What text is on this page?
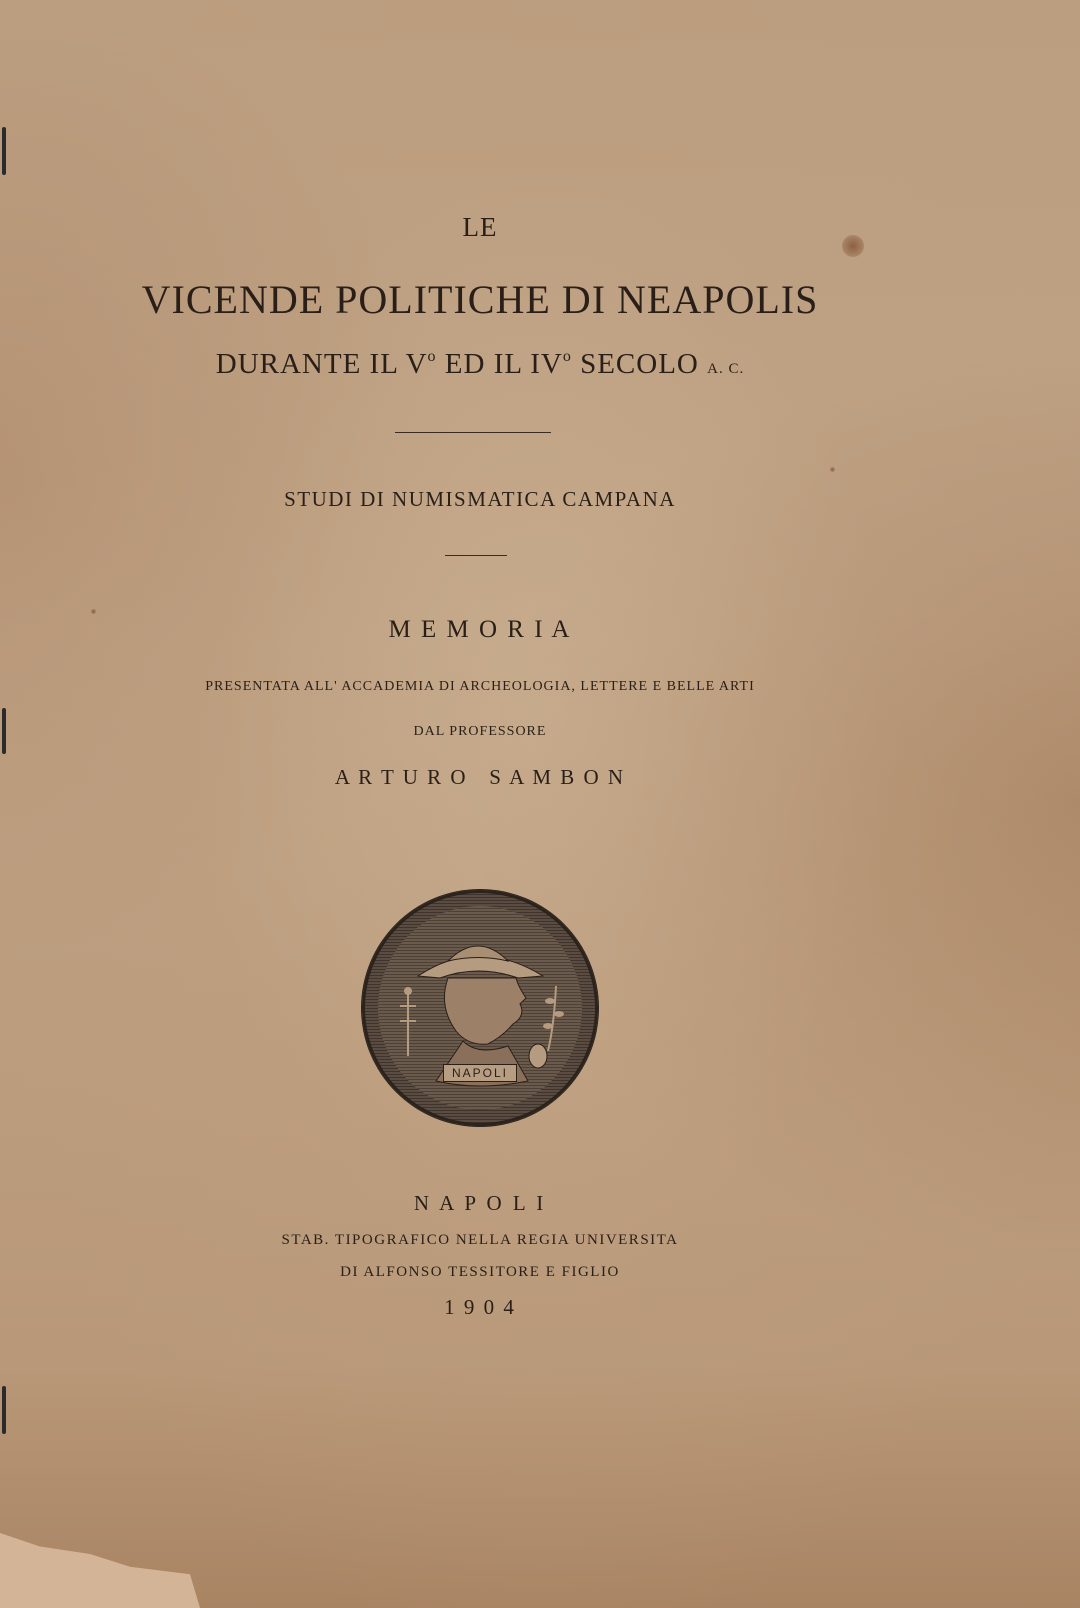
LE
VICENDE POLITICHE DI NEAPOLIS
DURANTE IL $V^o$ ED IL $IV^o$ SECOLO A. C.
STUDI DI NUMISMATICA CAMPANA
M E M O R I A
PRESENTATA ALL' ACCADEMIA DI ARCHEOLOGIA, LETTERE E BELLE ARTI
DAL PROFESSORE
A R T U R O   S A M B O N
NAPOLI
N A P O L I
STAB. TIPOGRAFICO NELLA REGIA UNIVERSITA
DI ALFONSO TESSITORE E FIGLIO
1 9 0 4
